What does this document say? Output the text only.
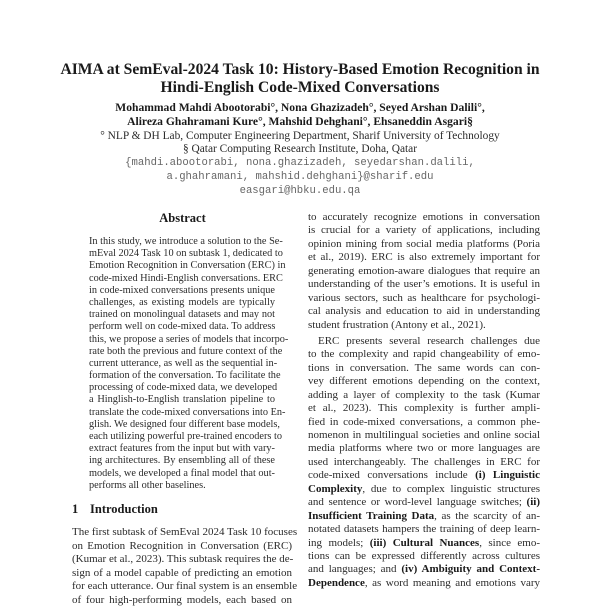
AIMA at SemEval-2024 Task 10: History-Based Emotion Recognition in
Hindi-English Code-Mixed Conversations
Mohammad Mahdi Abootorabi°, Nona Ghazizadeh°, Seyed Arshan Dalili°,
Alireza Ghahramani Kure°, Mahshid Dehghani°, Ehsaneddin Asgari§
° NLP & DH Lab, Computer Engineering Department, Sharif University of Technology
§ Qatar Computing Research Institute, Doha, Qatar
{mahdi.abootorabi, nona.ghazizadeh, seyedarshan.dalili,
a.ghahramani, mahshid.dehghani}@sharif.edu
easgari@hbku.edu.qa
Abstract
In this study, we introduce a solution to the Se-
mEval 2024 Task 10 on subtask 1, dedicated to
Emotion Recognition in Conversation (ERC) in
code-mixed Hindi-English conversations. ERC
in code-mixed conversations presents unique
challenges, as existing models are typically
trained on monolingual datasets and may not
perform well on code-mixed data. To address
this, we propose a series of models that incorpo-
rate both the previous and future context of the
current utterance, as well as the sequential in-
formation of the conversation. To facilitate the
processing of code-mixed data, we developed
a Hinglish-to-English translation pipeline to
translate the code-mixed conversations into En-
glish. We designed four different base models,
each utilizing powerful pre-trained encoders to
extract features from the input but with vary-
ing architectures. By ensembling all of these
models, we developed a final model that out-
performs all other baselines.
1 Introduction
The first subtask of SemEval 2024 Task 10 focuses
on Emotion Recognition in Conversation (ERC)
(Kumar et al., 2023). This subtask requires the de-
sign of a model capable of predicting an emotion
for each utterance. Our final system is an ensemble
of four high-performing models, each based on
to accurately recognize emotions in conversation
is crucial for a variety of applications, including
opinion mining from social media platforms (Poria
et al., 2019). ERC is also extremely important for
generating emotion-aware dialogues that require an
understanding of the user’s emotions. It is useful in
various sectors, such as healthcare for psychologi-
cal analysis and education to aid in understanding
student frustration (Antony et al., 2021).
ERC presents several research challenges due
to the complexity and rapid changeability of emo-
tions in conversation. The same words can con-
vey different emotions depending on the context,
adding a layer of complexity to the task (Kumar
et al., 2023). This complexity is further ampli-
fied in code-mixed conversations, a common phe-
nomenon in multilingual societies and online social
media platforms where two or more languages are
used interchangeably. The challenges in ERC for
code-mixed conversations include (i) Linguistic
Complexity, due to complex linguistic structures
and sentence or word-level language switches; (ii)
Insufficient Training Data, as the scarcity of an-
notated datasets hampers the training of deep learn-
ing models; (iii) Cultural Nuances, since emo-
tions can be expressed differently across cultures
and languages; and (iv) Ambiguity and Context-
Dependence, as word meaning and emotions vary
